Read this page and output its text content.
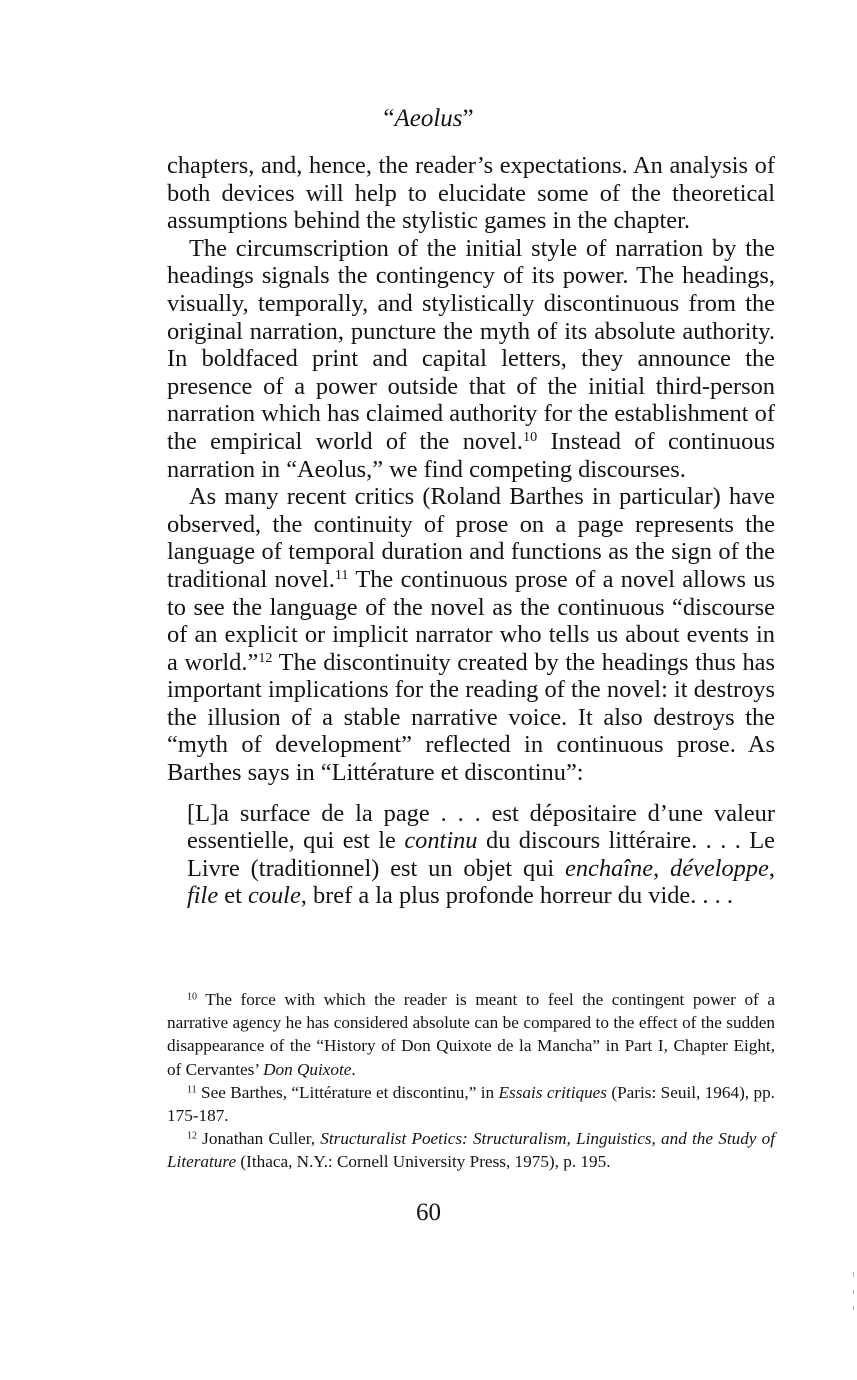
“Aeolus”

chapters, and, hence, the reader’s expectations. An analysis of both devices will help to elucidate some of the theoretical assumptions behind the stylistic games in the chapter.

The circumscription of the initial style of narration by the headings signals the contingency of its power. The headings, visually, temporally, and stylistically discontinuous from the original narration, puncture the myth of its absolute authority. In boldfaced print and capital letters, they announce the presence of a power outside that of the initial third-person narration which has claimed authority for the establishment of the empirical world of the novel.$^{10}$ Instead of continuous narration in “Aeolus,” we find competing discourses.

As many recent critics (Roland Barthes in particular) have observed, the continuity of prose on a page represents the language of temporal duration and functions as the sign of the traditional novel.$^{11}$ The continuous prose of a novel allows us to see the language of the novel as the continuous “discourse of an explicit or implicit narrator who tells us about events in a world.”$^{12}$ The discontinuity created by the headings thus has important implications for the reading of the novel: it destroys the illusion of a stable narrative voice. It also destroys the “myth of development” reflected in continuous prose. As Barthes says in “Littérature et discontinu”:

[L]a surface de la page . . . est dépositaire d’une valeur essentielle, qui est le continu du discours littéraire. . . . Le Livre (traditionnel) est un objet qui enchaîne, développe, file et coule, bref a la plus profonde horreur du vide. . . .

$^{10}$ The force with which the reader is meant to feel the contingent power of a narrative agency he has considered absolute can be compared to the effect of the sudden disappearance of the “History of Don Quixote de la Mancha” in Part I, Chapter Eight, of Cervantes’ Don Quixote.

$^{11}$ See Barthes, “Littérature et discontinu,” in Essais critiques (Paris: Seuil, 1964), pp. 175-187.

$^{12}$ Jonathan Culler, Structuralist Poetics: Structuralism, Linguistics, and the Study of Literature (Ithaca, N.Y.: Cornell University Press, 1975), p. 195.

60
